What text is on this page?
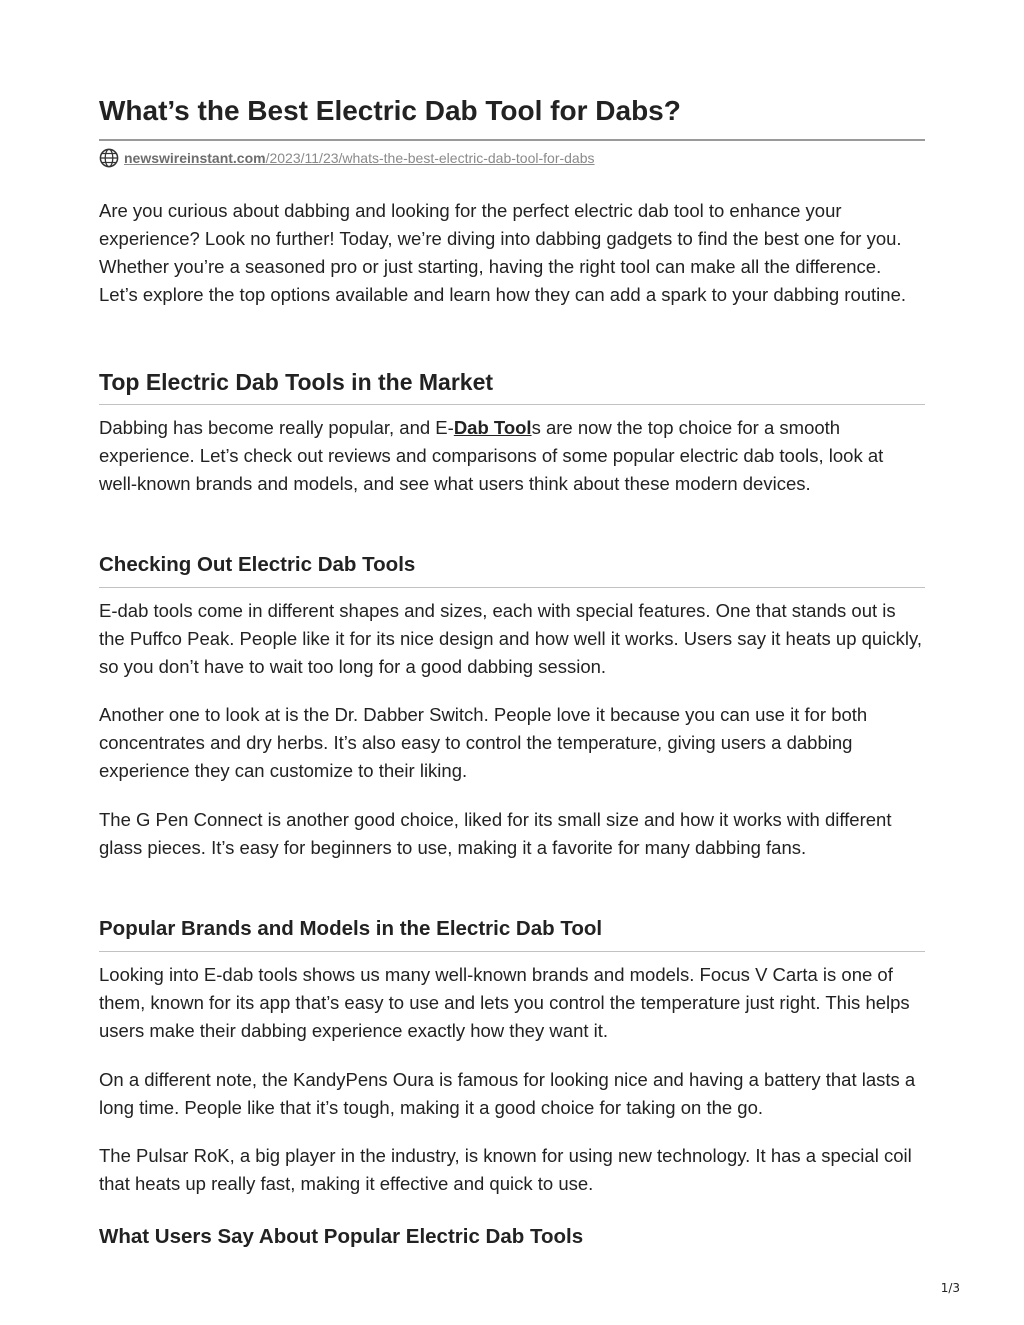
What’s the Best Electric Dab Tool for Dabs?
newswireinstant.com/2023/11/23/whats-the-best-electric-dab-tool-for-dabs

Are you curious about dabbing and looking for the perfect electric dab tool to enhance your experience? Look no further! Today, we’re diving into dabbing gadgets to find the best one for you. Whether you’re a seasoned pro or just starting, having the right tool can make all the difference. Let’s explore the top options available and learn how they can add a spark to your dabbing routine.

Top Electric Dab Tools in the Market

Dabbing has become really popular, and E-Dab Tools are now the top choice for a smooth experience. Let’s check out reviews and comparisons of some popular electric dab tools, look at well-known brands and models, and see what users think about these modern devices.

Checking Out Electric Dab Tools

E-dab tools come in different shapes and sizes, each with special features. One that stands out is the Puffco Peak. People like it for its nice design and how well it works. Users say it heats up quickly, so you don’t have to wait too long for a good dabbing session.

Another one to look at is the Dr. Dabber Switch. People love it because you can use it for both concentrates and dry herbs. It’s also easy to control the temperature, giving users a dabbing experience they can customize to their liking.

The G Pen Connect is another good choice, liked for its small size and how it works with different glass pieces. It’s easy for beginners to use, making it a favorite for many dabbing fans.

Popular Brands and Models in the Electric Dab Tool

Looking into E-dab tools shows us many well-known brands and models. Focus V Carta is one of them, known for its app that’s easy to use and lets you control the temperature just right. This helps users make their dabbing experience exactly how they want it.

On a different note, the KandyPens Oura is famous for looking nice and having a battery that lasts a long time. People like that it’s tough, making it a good choice for taking on the go.

The Pulsar RoK, a big player in the industry, is known for using new technology. It has a special coil that heats up really fast, making it effective and quick to use.

What Users Say About Popular Electric Dab Tools
1/3
